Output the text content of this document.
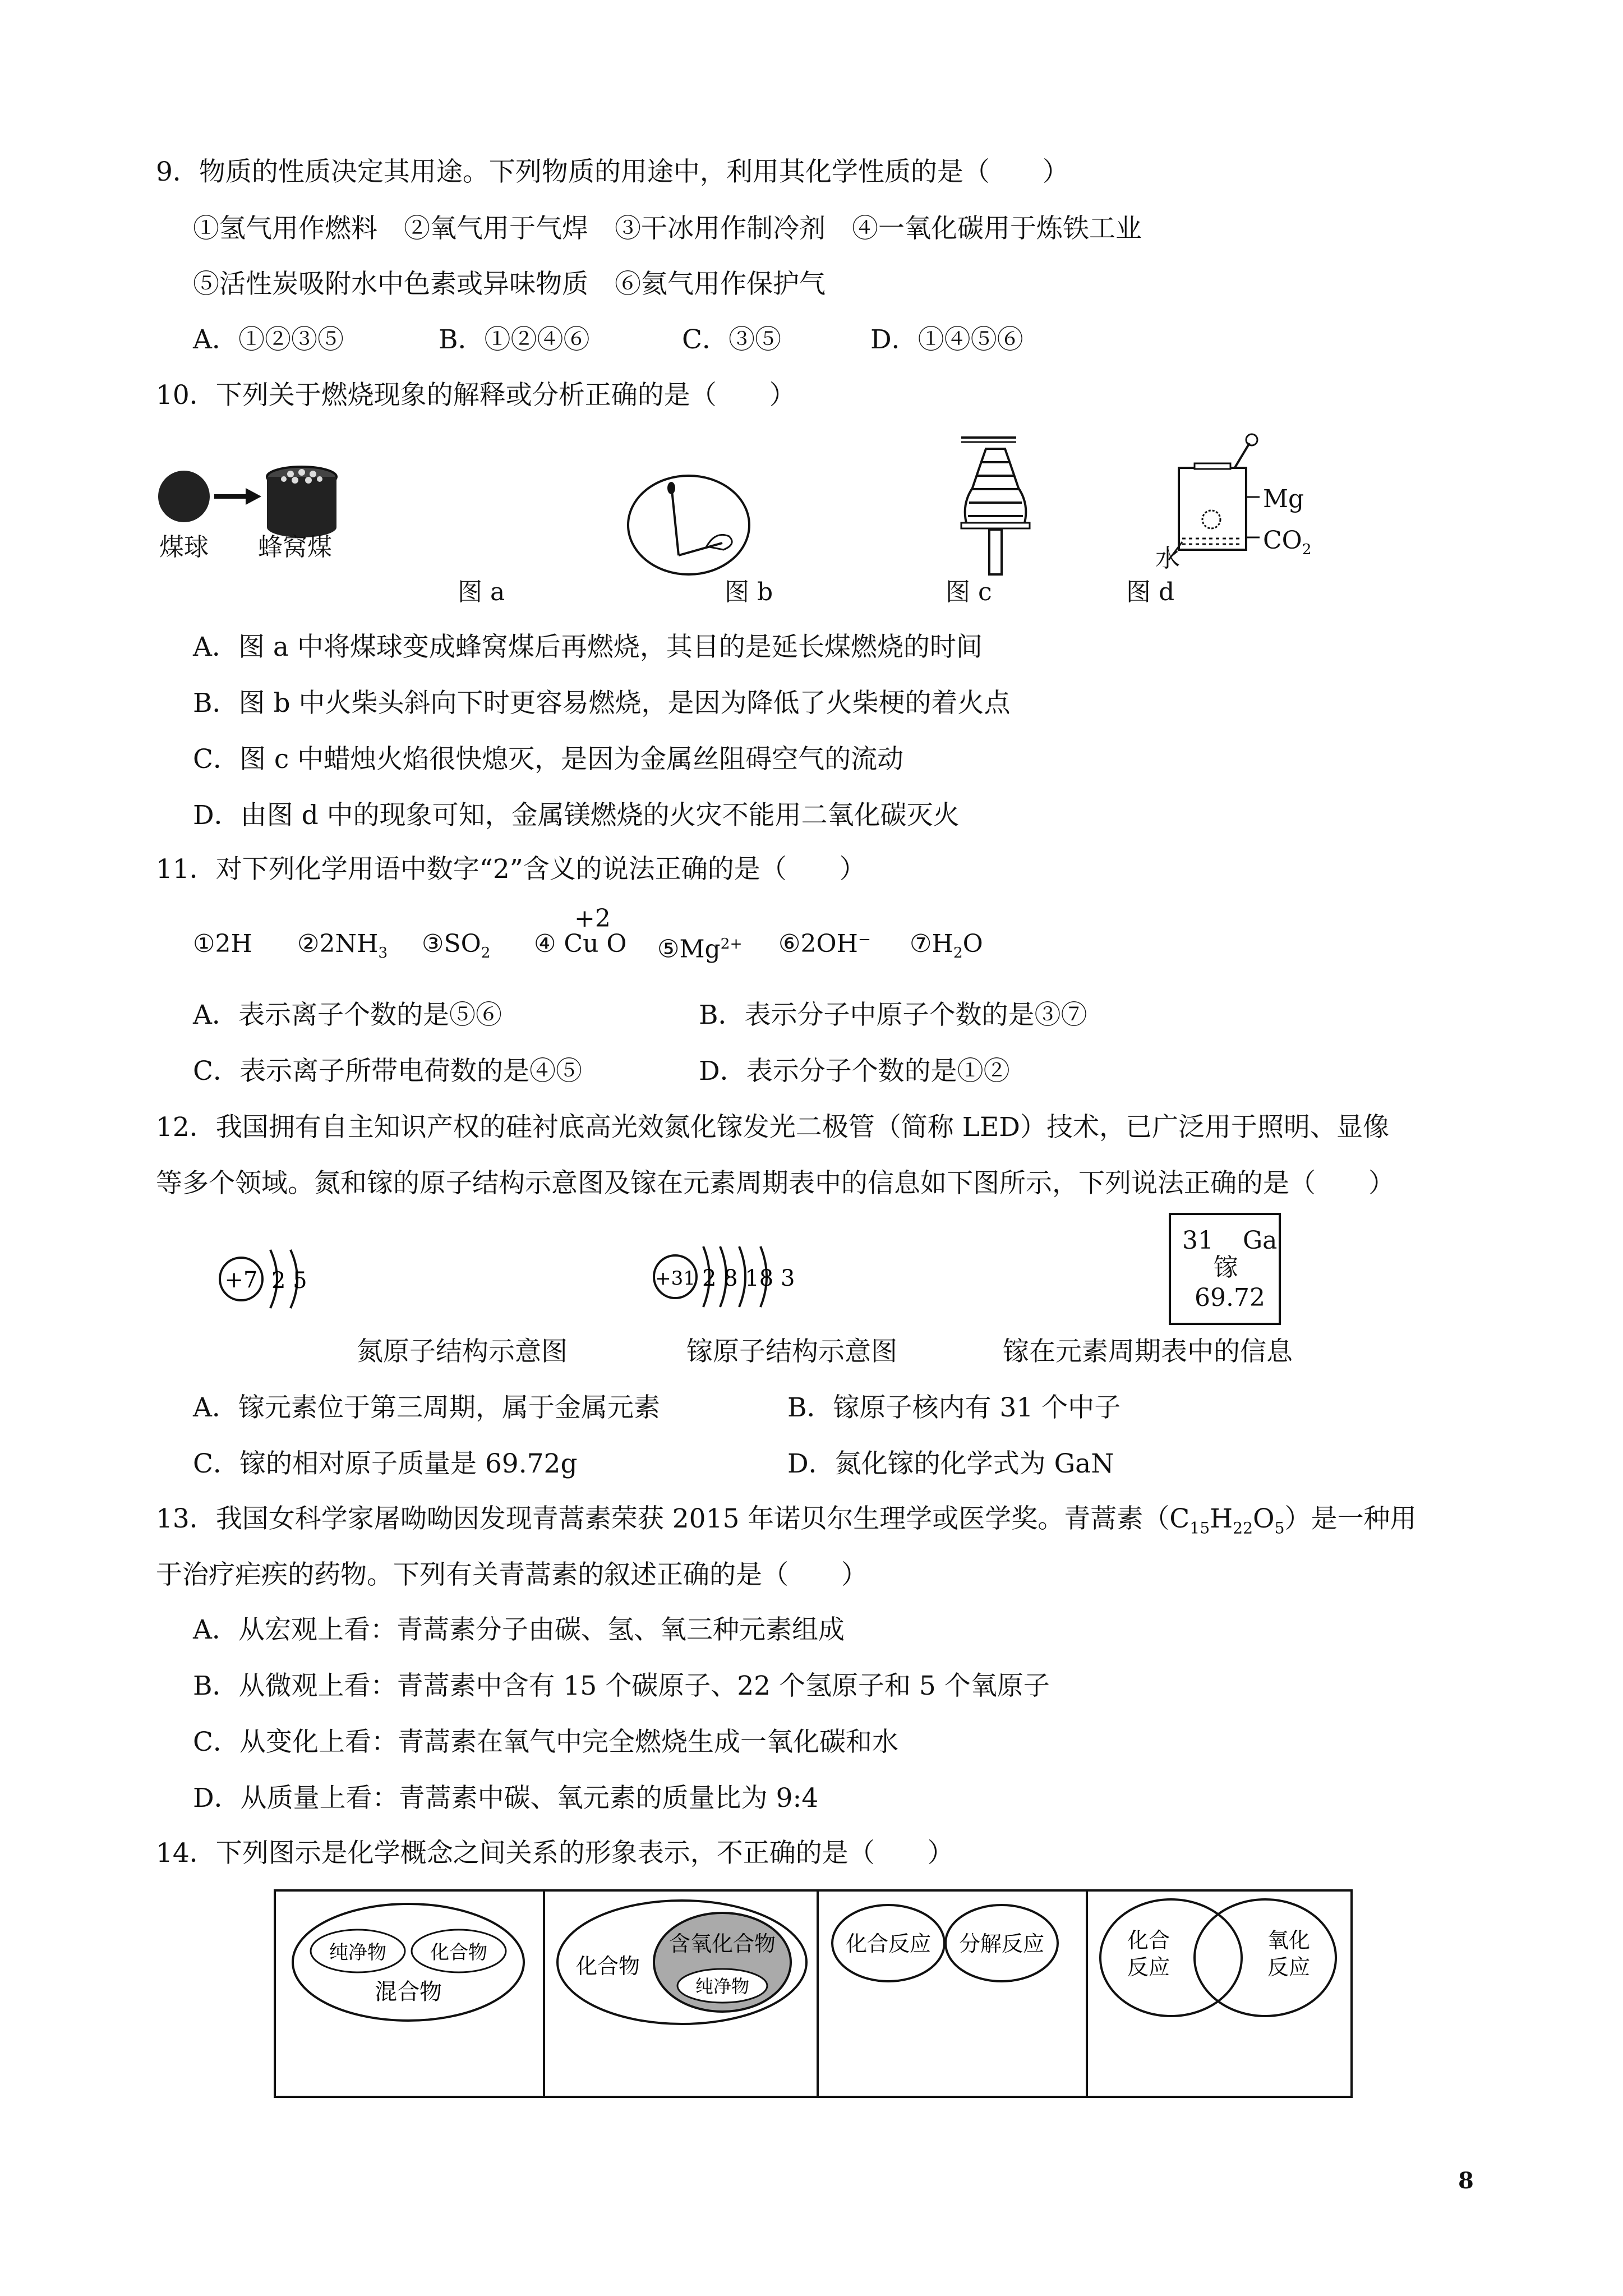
9．物质的性质决定其用途。下列物质的用途中，利用其化学性质的是（　　）
①氢气用作燃料　②氧气用于气焊　③干冰用作制冷剂　④一氧化碳用于炼铁工业
⑤活性炭吸附水中色素或异味物质　⑥氦气用作保护气
A．①②③⑤	B．①②④⑥	C．③⑤	D．①④⑤⑥
10．下列关于燃烧现象的解释或分析正确的是（　　）
煤球 蜂窝煤
Mg
$CO_2$
水
图 a	图 b	图 c	图 d
A．图 a 中将煤球变成蜂窝煤后再燃烧，其目的是延长煤燃烧的时间
B．图 b 中火柴头斜向下时更容易燃烧，是因为降低了火柴梗的着火点
C．图 c 中蜡烛火焰很快熄灭，是因为金属丝阻碍空气的流动
D．由图 d 中的现象可知，金属镁燃烧的火灾不能用二氧化碳灭火
11．对下列化学用语中数字“2”含义的说法正确的是（　　）
①2H $②2NH_3$ $③SO_2$
+2
④ Cu O $⑤Mg^{2+}$ ⑥2OH⁻ $⑦H_2O$
A．表示离子个数的是⑤⑥	B．表示分子中原子个数的是③⑦
C．表示离子所带电荷数的是④⑤	D．表示分子个数的是①②
12．我国拥有自主知识产权的硅衬底高光效氮化镓发光二极管（简称 LED）技术，已广泛用于照明、显像
等多个领域。氮和镓的原子结构示意图及镓在元素周期表中的信息如下图所示，下列说法正确的是（　　）
+7 2 5	+31 2 8 18 3
31 Ga
镓
69.72
氮原子结构示意图	镓原子结构示意图	镓在元素周期表中的信息
A．镓元素位于第三周期，属于金属元素	B．镓原子核内有 31 个中子
C．镓的相对原子质量是 69.72g	D．氮化镓的化学式为 GaN
13．我国女科学家屠呦呦因发现青蒿素荣获 2015 年诺贝尔生理学或医学奖。青蒿素$(C_{15}H_{22}O_5)$是一种用
于治疗疟疾的药物。下列有关青蒿素的叙述正确的是（　　）
A．从宏观上看：青蒿素分子由碳、氢、氧三种元素组成
B．从微观上看：青蒿素中含有 15 个碳原子、22 个氢原子和 5 个氧原子
C．从变化上看：青蒿素在氧气中完全燃烧生成一氧化碳和水
D．从质量上看：青蒿素中碳、氧元素的质量比为 9:4
14．下列图示是化学概念之间关系的形象表示，不正确的是（　　）
纯净物 化合物
混合物
化合物
含氧化合物
纯净物
化合反应 分解反应	化合
反应
氧化
反应
8
